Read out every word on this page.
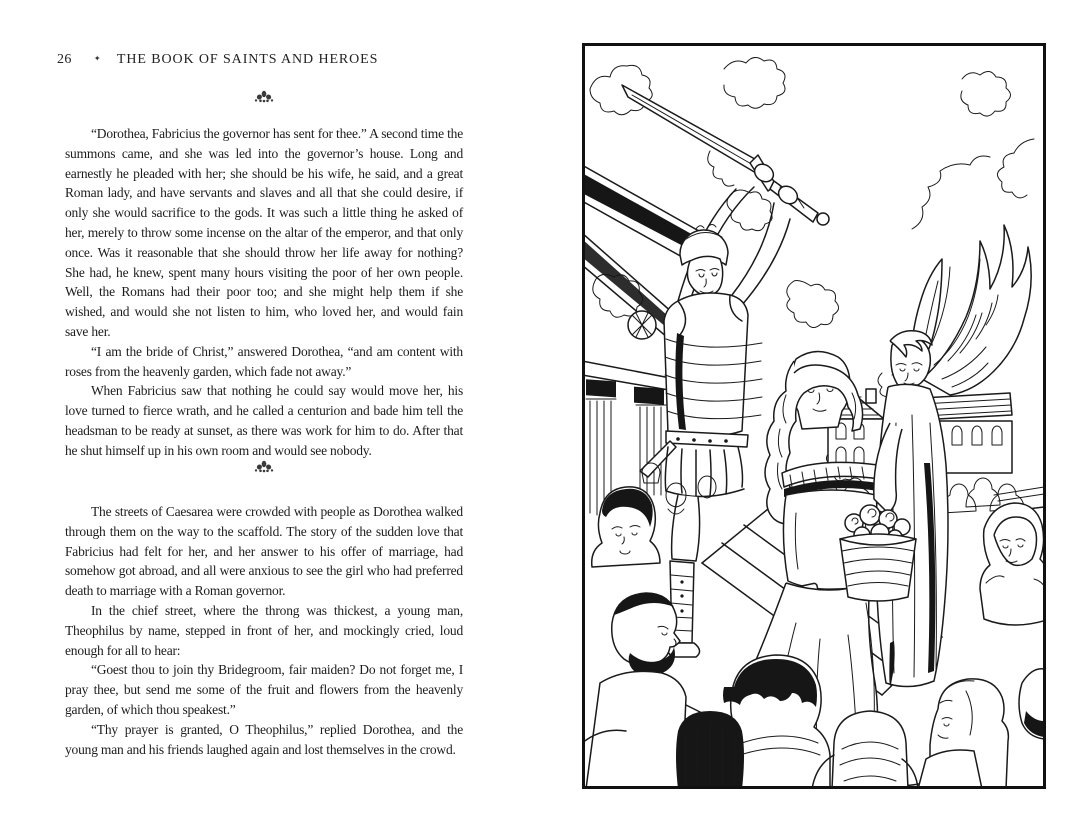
26	✦ THE BOOK OF SAINTS AND HEROES

“Dorothea, Fabricius the governor has sent for thee.” A second time the summons came, and she was led into the governor’s house. Long and earnestly he pleaded with her; she should be his wife, he said, and a great Roman lady, and have servants and slaves and all that she could desire, if only she would sacrifice to the gods. It was such a little thing he asked of her, merely to throw some incense on the altar of the emperor, and that only once. Was it reasonable that she should throw her life away for nothing? She had, he knew, spent many hours visiting the poor of her own people. Well, the Romans had their poor too; and she might help them if she wished, and would she not listen to him, who loved her, and would fain save her.

“I am the bride of Christ,” answered Dorothea, “and am content with roses from the heavenly garden, which fade not away.”

When Fabricius saw that nothing he could say would move her, his love turned to fierce wrath, and he called a centurion and bade him tell the headsman to be ready at sunset, as there was work for him to do. After that he shut himself up in his own room and would see nobody.

The streets of Caesarea were crowded with people as Dorothea walked through them on the way to the scaffold. The story of the sudden love that Fabricius had felt for her, and her answer to his offer of marriage, had somehow got abroad, and all were anxious to see the girl who had preferred death to marriage with a Roman governor.

In the chief street, where the throng was thickest, a young man, Theophilus by name, stepped in front of her, and mockingly cried, loud enough for all to hear:

“Goest thou to join thy Bridegroom, fair maiden? Do not forget me, I pray thee, but send me some of the fruit and flowers from the heavenly garden, of which thou speakest.”

“Thy prayer is granted, O Theophilus,” replied Dorothea, and the young man and his friends laughed again and lost themselves in the crowd.
